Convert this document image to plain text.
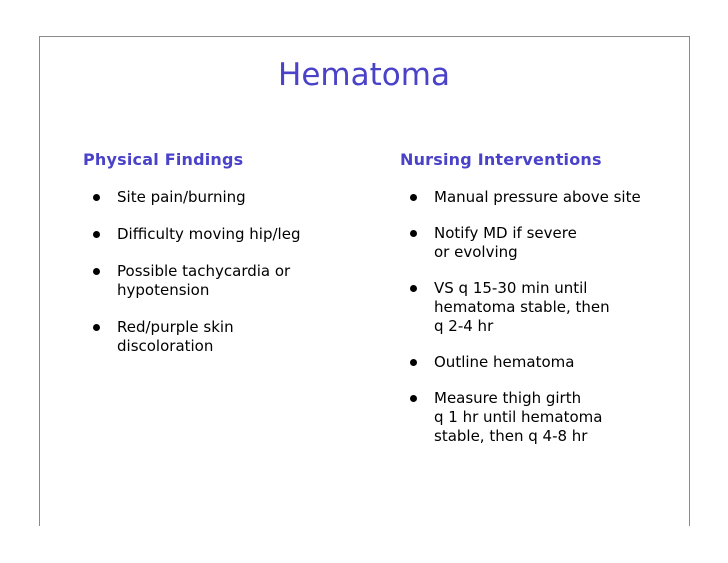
Hematoma
Physical Findings
Site pain/burning
Difficulty moving hip/leg
Possible tachycardia or
hypotension
Red/purple skin
discoloration
Nursing Interventions
Manual pressure above site
Notify MD if severe
or evolving
VS q 15-30 min until
hematoma stable, then
q 2-4 hr
Outline hematoma
Measure thigh girth
q 1 hr until hematoma
stable, then q 4-8 hr
